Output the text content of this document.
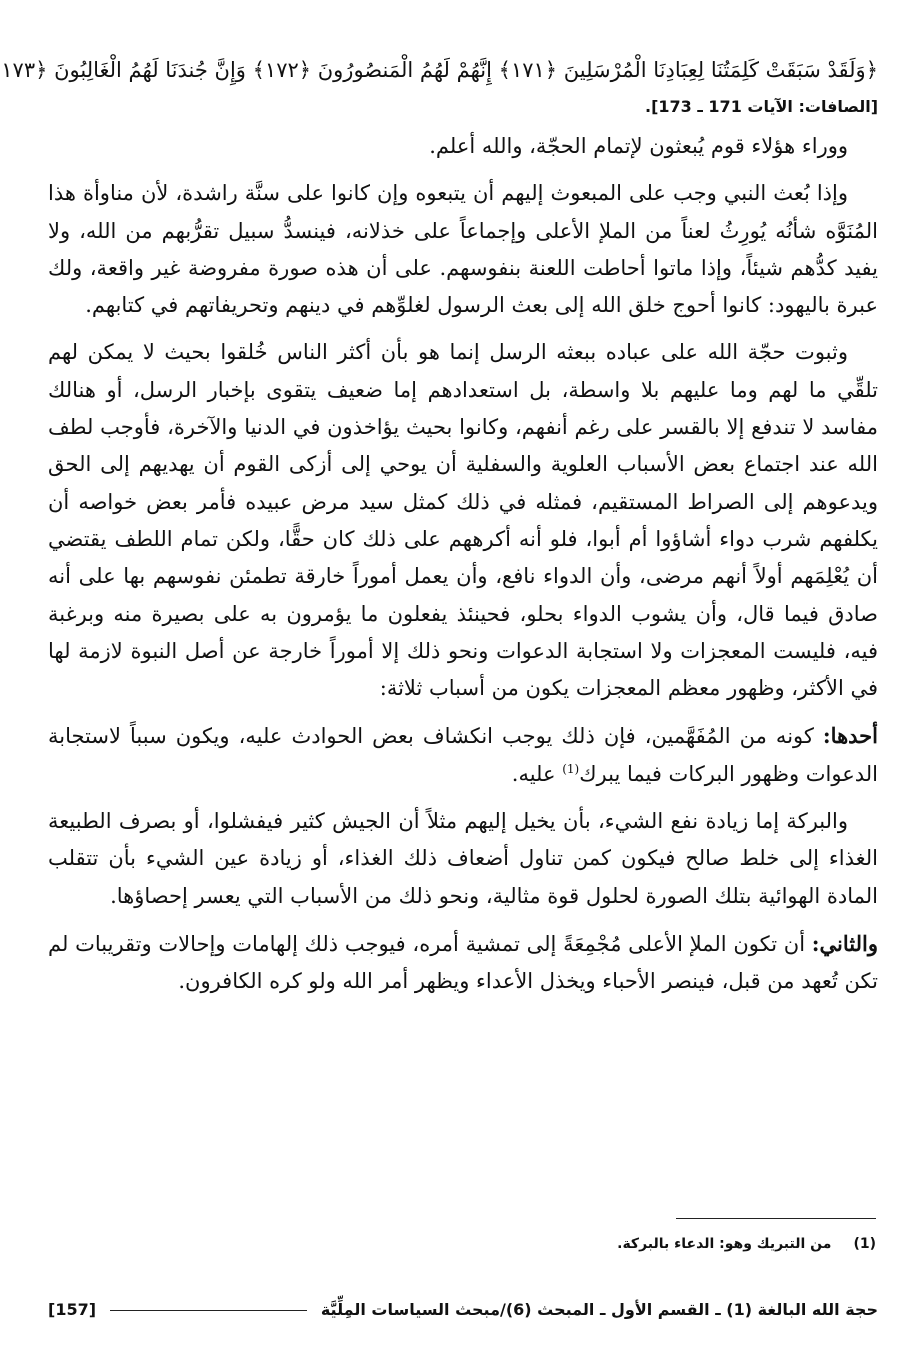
﴿وَلَقَدْ سَبَقَتْ كَلِمَتُنَا لِعِبَادِنَا الْمُرْسَلِينَ ﴿١٧١﴾ إِنَّهُمْ لَهُمُ الْمَنصُورُونَ ﴿١٧٢﴾ وَإِنَّ جُندَنَا لَهُمُ الْغَالِبُونَ ﴿١٧٣
[الصافات: الآيات 171 ـ 173].

ووراء هؤلاء قوم يُبعثون لإتمام الحجّة، والله أعلم.

وإذا بُعث النبي وجب على المبعوث إليهم أن يتبعوه وإن كانوا على سنَّة راشدة، لأن مناوأة هذا المُنَوَّه شأنُه يُورِثُ لعناً من الملإ الأعلى وإجماعاً على خذلانه، فينسدُّ سبيل تقرُّبهم من الله، ولا يفيد كدُّهم شيئاً، وإذا ماتوا أحاطت اللعنة بنفوسهم. على أن هذه صورة مفروضة غير واقعة، ولك عبرة باليهود: كانوا أحوج خلق الله إلى بعث الرسول لغلوِّهم في دينهم وتحريفاتهم في كتابهم.

وثبوت حجّة الله على عباده ببعثه الرسل إنما هو بأن أكثر الناس خُلقوا بحيث لا يمكن لهم تلقِّي ما لهم وما عليهم بلا واسطة، بل استعدادهم إما ضعيف يتقوى بإخبار الرسل، أو هنالك مفاسد لا تندفع إلا بالقسر على رغم أنفهم، وكانوا بحيث يؤاخذون في الدنيا والآخرة، فأوجب لطف الله عند اجتماع بعض الأسباب العلوية والسفلية أن يوحي إلى أزكى القوم أن يهديهم إلى الحق ويدعوهم إلى الصراط المستقيم، فمثله في ذلك كمثل سيد مرض عبيده فأمر بعض خواصه أن يكلفهم شرب دواء أشاؤوا أم أبوا، فلو أنه أكرههم على ذلك كان حقًّا، ولكن تمام اللطف يقتضي أن يُعْلِمَهم أولاً أنهم مرضى، وأن الدواء نافع، وأن يعمل أموراً خارقة تطمئن نفوسهم بها على أنه صادق فيما قال، وأن يشوب الدواء بحلو، فحينئذ يفعلون ما يؤمرون به على بصيرة منه وبرغبة فيه، فليست المعجزات ولا استجابة الدعوات ونحو ذلك إلا أموراً خارجة عن أصل النبوة لازمة لها في الأكثر، وظهور معظم المعجزات يكون من أسباب ثلاثة:

أحدها: كونه من المُفَهَّمين، فإن ذلك يوجب انكشاف بعض الحوادث عليه، ويكون سبباً لاستجابة الدعوات وظهور البركات فيما يبرك$^{(1)}$ عليه.

والبركة إما زيادة نفع الشيء، بأن يخيل إليهم مثلاً أن الجيش كثير فيفشلوا، أو بصرف الطبيعة الغذاء إلى خلط صالح فيكون كمن تناول أضعاف ذلك الغذاء، أو زيادة عين الشيء بأن تتقلب المادة الهوائية بتلك الصورة لحلول قوة مثالية، ونحو ذلك من الأسباب التي يعسر إحصاؤها.

والثاني: أن تكون الملإ الأعلى مُجْمِعَةً إلى تمشية أمره، فيوجب ذلك إلهامات وإحالات وتقريبات لم تكن تُعهد من قبل، فينصر الأحباء ويخذل الأعداء ويظهر أمر الله ولو كره الكافرون.

(1)من التبريك وهو: الدعاء بالبركة.
حجة الله البالغة (1) ـ القسم الأول ـ المبحث (6)/مبحث السياسات المِلِّيَّة
[157]
